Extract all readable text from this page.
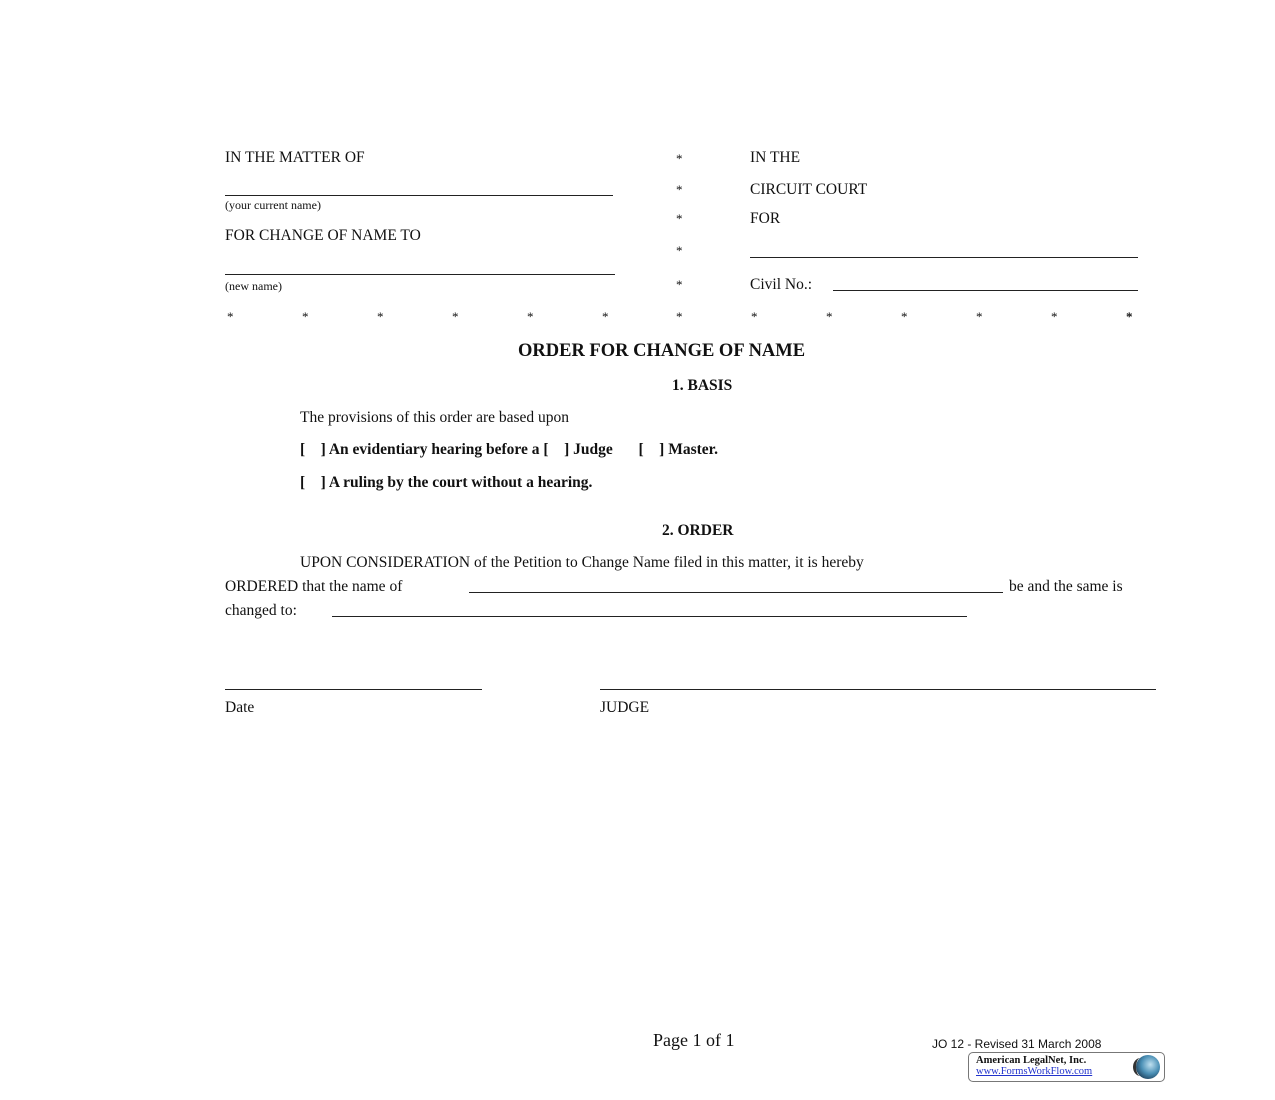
IN THE MATTER OF
(your current name)
FOR CHANGE OF NAME TO
(new name)
*
*
*
*
*
IN THE
CIRCUIT COURT
FOR
Civil No.:
*	*	*	*	*	*	*	*	*	*	*	*	*
ORDER FOR CHANGE OF NAME
1. BASIS
The provisions of this order are based upon
[    ] An evidentiary hearing before a [    ] Judge [    ] Master.
[    ] A ruling by the court without a hearing.
2. ORDER
UPON CONSIDERATION of the Petition to Change Name filed in this matter, it is hereby
ORDERED that the name of	be and the same is
changed to:
Date	JUDGE
Page 1 of 1	JO 12 - Revised 31 March 2008
American LegalNet, Inc.
www.FormsWorkFlow.com
